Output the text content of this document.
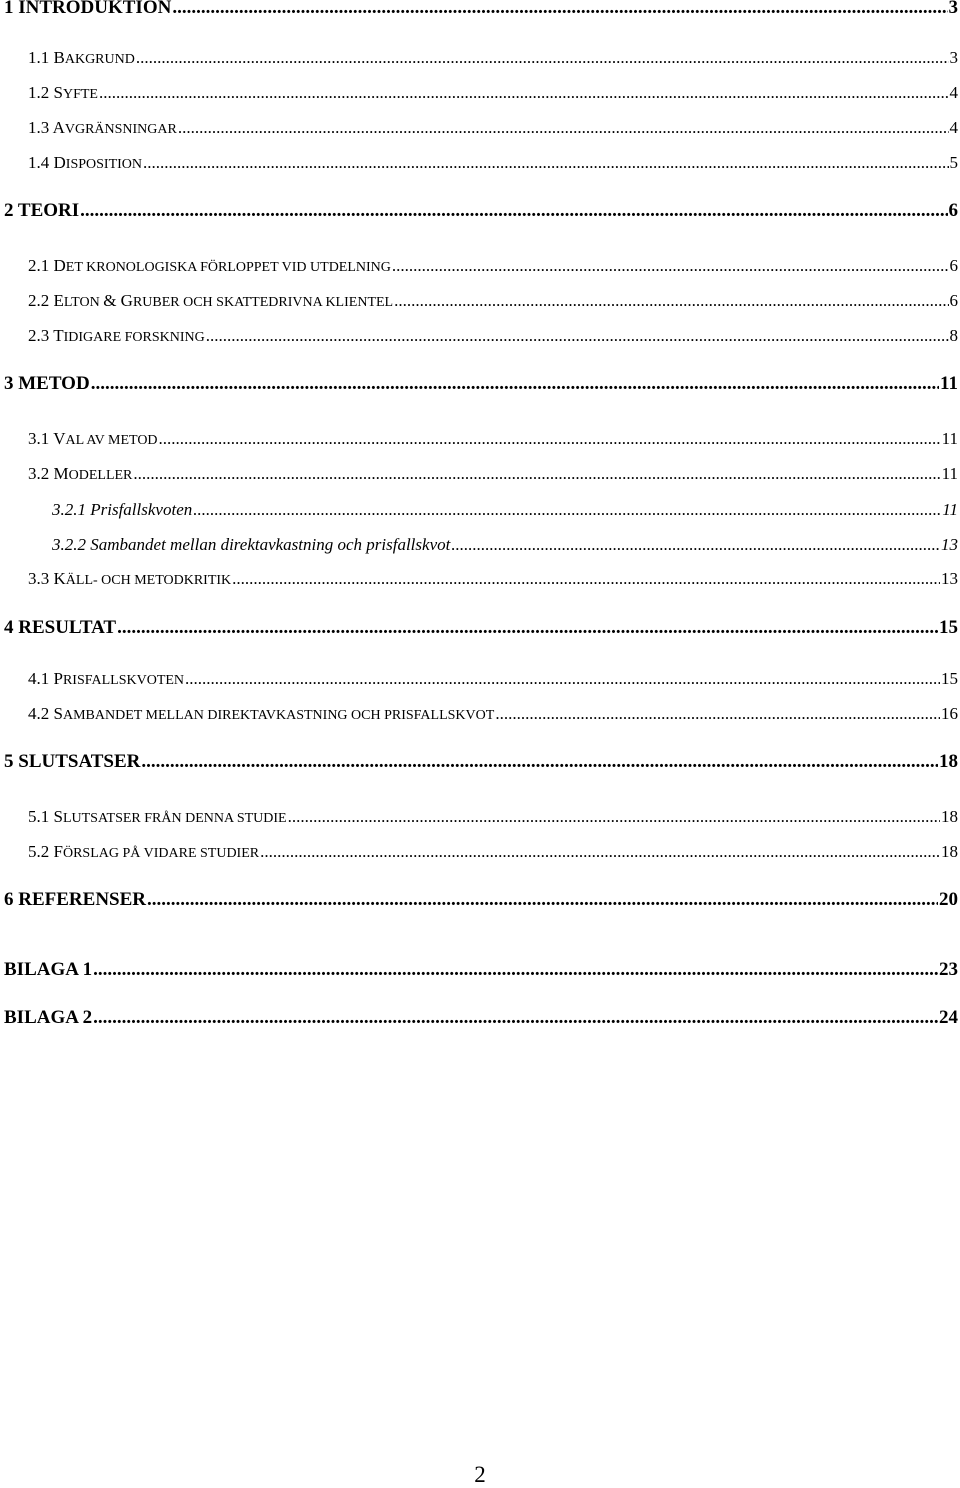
1 INTRODUKTION .....	3
1.1 BAKGRUND .....	3
1.2 SYFTE .....	4
1.3 AVGRÄNSNINGAR .....	4
1.4 DISPOSITION .....	5
2 TEORI .....	6
2.1 DET KRONOLOGISKA FÖRLOPPET VID UTDELNING .....	6
2.2 ELTON & GRUBER OCH SKATTEDRIVNA KLIENTEL .....	6
2.3 TIDIGARE FORSKNING .....	8
3 METOD .....	11
3.1 VAL AV METOD .....	11
3.2 MODELLER .....	11
3.2.1 Prisfallskvoten .....	11
3.2.2 Sambandet mellan direktavkastning och prisfallskvot .....	13
3.3 KÄLL- OCH METODKRITIK .....	13
4 RESULTAT .....	15
4.1 PRISFALLSKVOTEN .....	15
4.2 SAMBANDET MELLAN DIREKTAVKASTNING OCH PRISFALLSKVOT .....	16
5 SLUTSATSER .....	18
5.1 SLUTSATSER FRÅN DENNA STUDIE .....	18
5.2 FÖRSLAG PÅ VIDARE STUDIER .....	18
6 REFERENSER .....	20
BILAGA 1 .....	23
BILAGA 2 .....	24
2
